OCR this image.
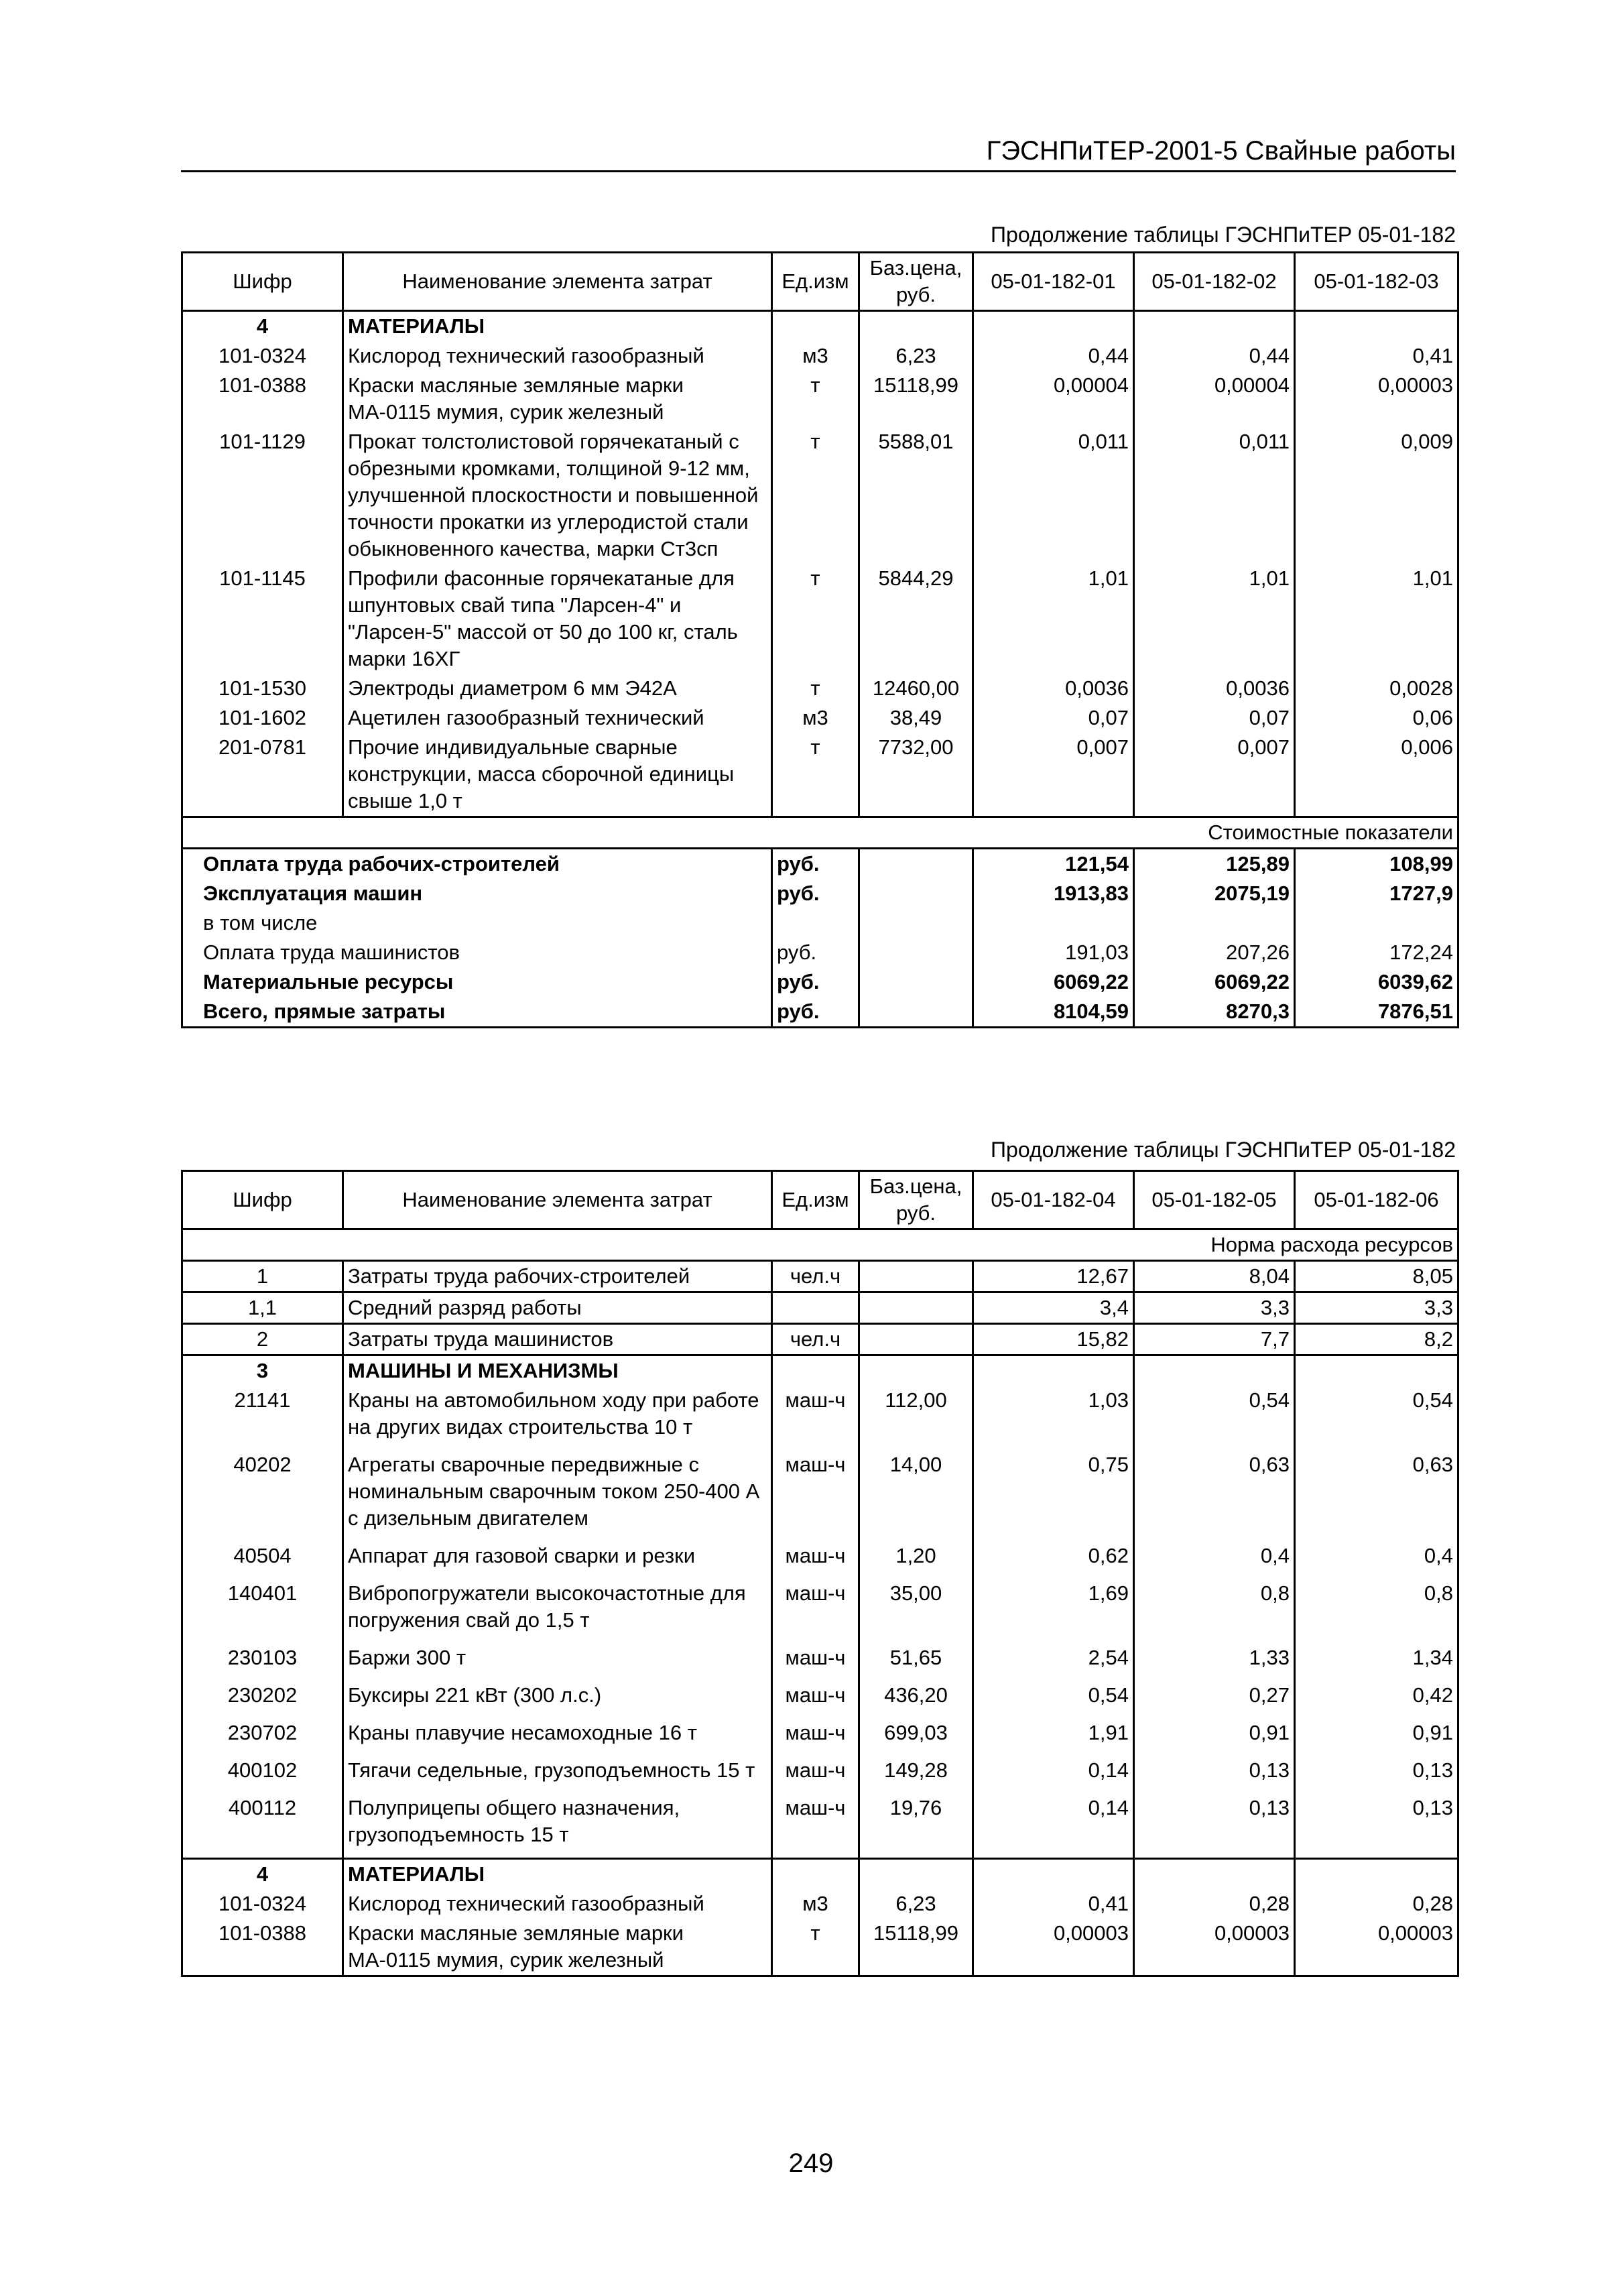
ГЭСНПиТЕР-2001-5 Свайные работы
Продолжение таблицы ГЭСНПиТЕР 05-01-182
Шифр	Наименование элемента затрат	Ед.изм	Баз.цена, руб.	05-01-182-01	05-01-182-02	05-01-182-03
4	МАТЕРИАЛЫ					
101-0324	Кислород технический газообразный	м3	6,23	0,44	0,44	0,41
101-0388	Краски масляные земляные марки МА-0115 мумия, сурик железный	т	15118,99	0,00004	0,00004	0,00003
101-1129	Прокат толстолистовой горячекатаный с обрезными кромками, толщиной 9-12 мм, улучшенной плоскостности и повышенной точности прокатки из углеродистой стали обыкновенного качества, марки Ст3сп	т	5588,01	0,011	0,011	0,009
101-1145	Профили фасонные горячекатаные для шпунтовых свай типа "Ларсен-4" и "Ларсен-5" массой от 50 до 100 кг, сталь марки 16ХГ	т	5844,29	1,01	1,01	1,01
101-1530	Электроды диаметром 6 мм Э42А	т	12460,00	0,0036	0,0036	0,0028
101-1602	Ацетилен газообразный технический	м3	38,49	0,07	0,07	0,06
201-0781	Прочие индивидуальные сварные конструкции, масса сборочной единицы свыше 1,0 т	т	7732,00	0,007	0,007	0,006
Стоимостные показатели						
Оплата труда рабочих-строителей		руб.		121,54	125,89	108,99
Эксплуатация машин		руб.		1913,83	2075,19	1727,9
в том числе						
Оплата труда машинистов		руб.		191,03	207,26	172,24
Материальные ресурсы		руб.		6069,22	6069,22	6039,62
Всего, прямые затраты		руб.		8104,59	8270,3	7876,51
Продолжение таблицы ГЭСНПиТЕР 05-01-182
Шифр	Наименование элемента затрат	Ед.изм	Баз.цена, руб.	05-01-182-04	05-01-182-05	05-01-182-06
Норма расхода ресурсов						
1	Затраты труда рабочих-строителей	чел.ч		12,67	8,04	8,05
1,1	Средний разряд работы			3,4	3,3	3,3
2	Затраты труда машинистов	чел.ч		15,82	7,7	8,2
3	МАШИНЫ И МЕХАНИЗМЫ					
21141	Краны на автомобильном ходу при работе на других видах строительства 10 т	маш-ч	112,00	1,03	0,54	0,54
40202	Агрегаты сварочные передвижные с номинальным сварочным током 250-400 А с дизельным двигателем	маш-ч	14,00	0,75	0,63	0,63
40504	Аппарат для газовой сварки и резки	маш-ч	1,20	0,62	0,4	0,4
140401	Вибропогружатели высокочастотные для погружения свай до 1,5 т	маш-ч	35,00	1,69	0,8	0,8
230103	Баржи 300 т	маш-ч	51,65	2,54	1,33	1,34
230202	Буксиры 221 кВт (300 л.с.)	маш-ч	436,20	0,54	0,27	0,42
230702	Краны плавучие несамоходные 16 т	маш-ч	699,03	1,91	0,91	0,91
400102	Тягачи седельные, грузоподъемность 15 т	маш-ч	149,28	0,14	0,13	0,13
400112	Полуприцепы общего назначения, грузоподъемность 15 т	маш-ч	19,76	0,14	0,13	0,13
4	МАТЕРИАЛЫ					
101-0324	Кислород технический газообразный	м3	6,23	0,41	0,28	0,28
101-0388	Краски масляные земляные марки МА-0115 мумия, сурик железный	т	15118,99	0,00003	0,00003	0,00003
249
